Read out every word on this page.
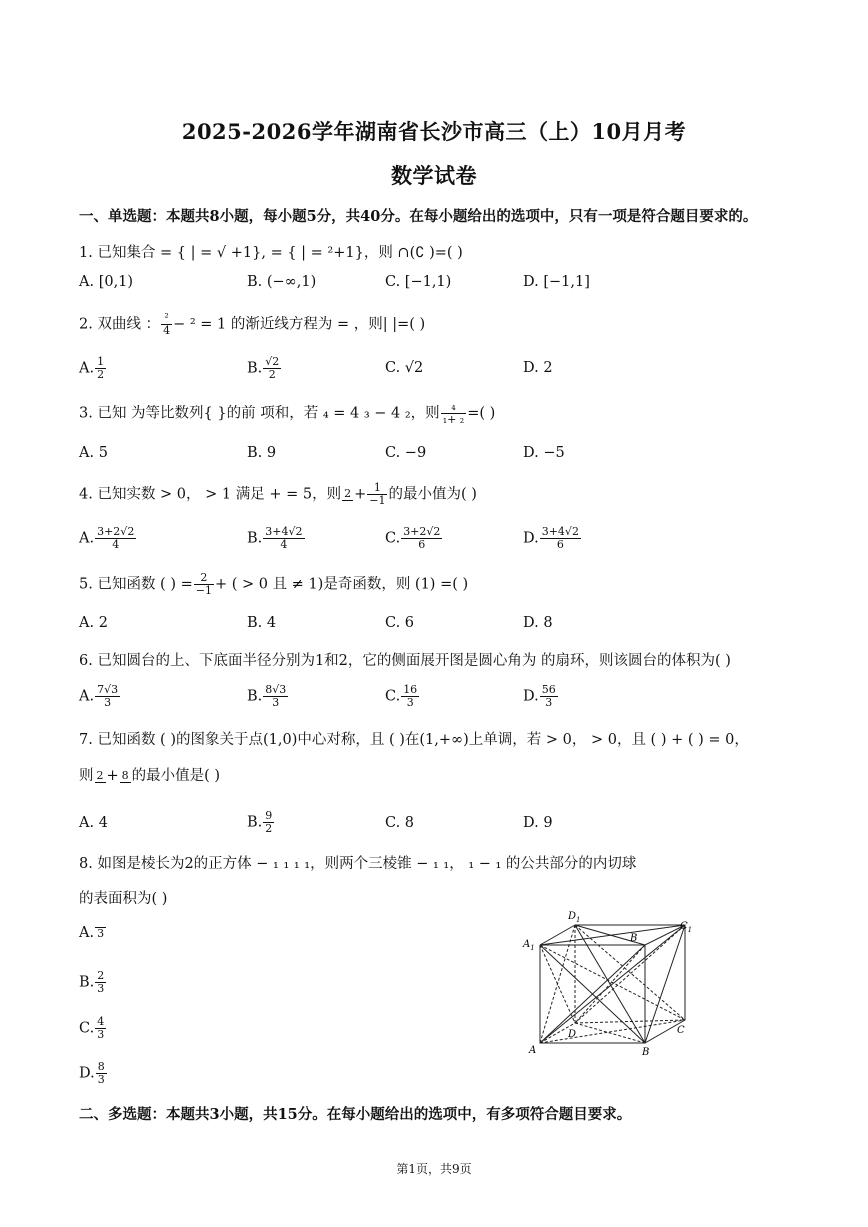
2025-2026学年湖南省长沙市高三（上）10月月考
数学试卷
一、单选题：本题共8小题，每小题5分，共40分。在每小题给出的选项中，只有一项是符合题目要求的。
1. 已知集合 = { | = √ +1}, = { | = ²+1}，则 ∩(∁ )=( )
A. [0,1)	B. (−∞,1)	C. [−1,1)	D. [−1,1]
2. 双曲线 ： $\frac{\text{²}}{4} - ^2 = 1$ 的渐近线方程为 = ，则| |=( )
A. $\frac{1}{2}$	B. $\frac{√2}{2}$	C. √2	D. 2
3. 已知 为等比数列{ }的前 项和，若 ₄ = 4 ₃ − 4 ₂，则 $\frac{\text{₄}}{\text{₁+ ₂}}$ =( )
A. 5	B. 9	C. −9	D. −5
4. 已知实数 > 0， > 1 满足 + = 5，则 $2 + \frac{1}{-1}$ 的最小值为( )
A. $\frac{3+2√2}{4}$	B. $\frac{3+4√2}{4}$	C. $\frac{3+2√2}{6}$	D. $\frac{3+4√2}{6}$
5. 已知函数 ( ) = $\frac{2}{-1}$ + ( > 0 且 ≠ 1)是奇函数，则 (1) =( )
A. 2	B. 4	C. 6	D. 8
6. 已知圆台的上、下底面半径分别为1和2，它的侧面展开图是圆心角为 的扇环，则该圆台的体积为( )
A. $\frac{7√3}{3}$	B. $\frac{8√3}{3}$	C. $\frac{16}{3}$	D. $\frac{56}{3}$
7. 已知函数 ( )的图象关于点(1,0)中心对称，且 ( )在(1,+∞)上单调，若 > 0， > 0，且 ( ) + ( ) = 0，
则 2 + 8 的最小值是( )
A. 4	B. $\frac{9}{2}$	C. 8	D. 9
8. 如图是棱长为2的正方体 − ₁ ₁ ₁ ₁，则两个三棱锥 − ₁ ₁， ₁ − ₁ 的公共部分的内切球
的表面积为( )
A. 3
B. $\frac{2}{3}$
C. $\frac{4}{3}$
D. $\frac{8}{3}$
$D_1$
$C_1$
$A_1$
B
D	C
A	B
二、多选题：本题共3小题，共15分。在每小题给出的选项中，有多项符合题目要求。
第1页，共9页
